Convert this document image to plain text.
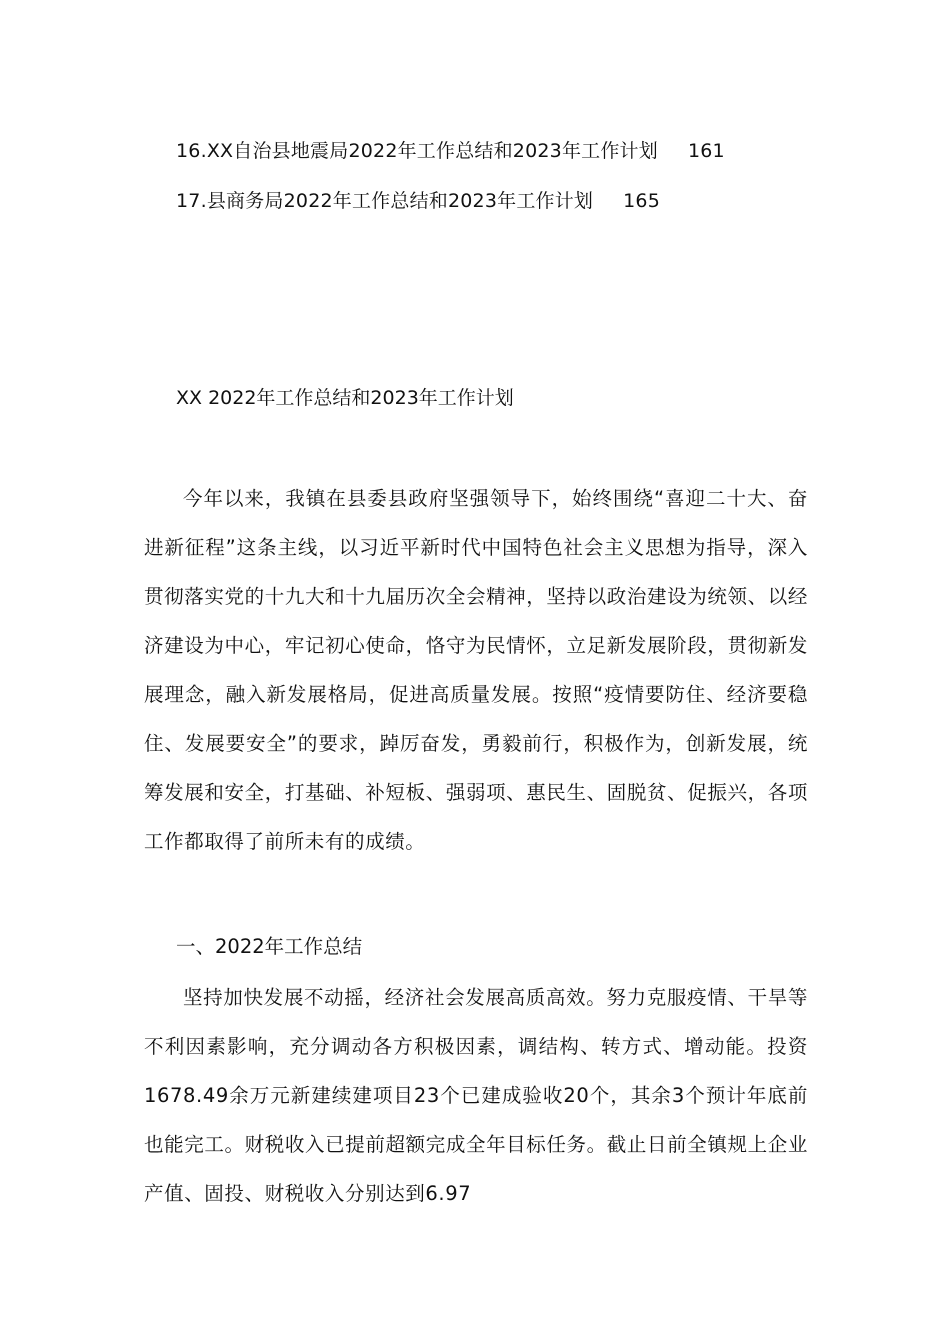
16.XX自治县地震局2022年工作总结和2023年工作计划 161
17.县商务局2022年工作总结和2023年工作计划 165
XX 2022年工作总结和2023年工作计划

今年以来，我镇在县委县政府坚强领导下，始终围绕“喜迎二十大、奋进新征程”这条主线，以习近平新时代中国特色社会主义思想为指导，深入贯彻落实党的十九大和十九届历次全会精神，坚持以政治建设为统领、以经济建设为中心，牢记初心使命，恪守为民情怀，立足新发展阶段，贯彻新发展理念，融入新发展格局，促进高质量发展。按照“疫情要防住、经济要稳住、发展要安全”的要求，踔厉奋发，勇毅前行，积极作为，创新发展，统筹发展和安全，打基础、补短板、强弱项、惠民生、固脱贫、促振兴，各项工作都取得了前所未有的成绩。

一、2022年工作总结

坚持加快发展不动摇，经济社会发展高质高效。努力克服疫情、干旱等不利因素影响，充分调动各方积极因素，调结构、转方式、增动能。投资1678.49余万元新建续建项目23个已建成验收20个，其余3个预计年底前也能完工。财税收入已提前超额完成全年目标任务。截止日前全镇规上企业产值、固投、财税收入分别达到6.97
